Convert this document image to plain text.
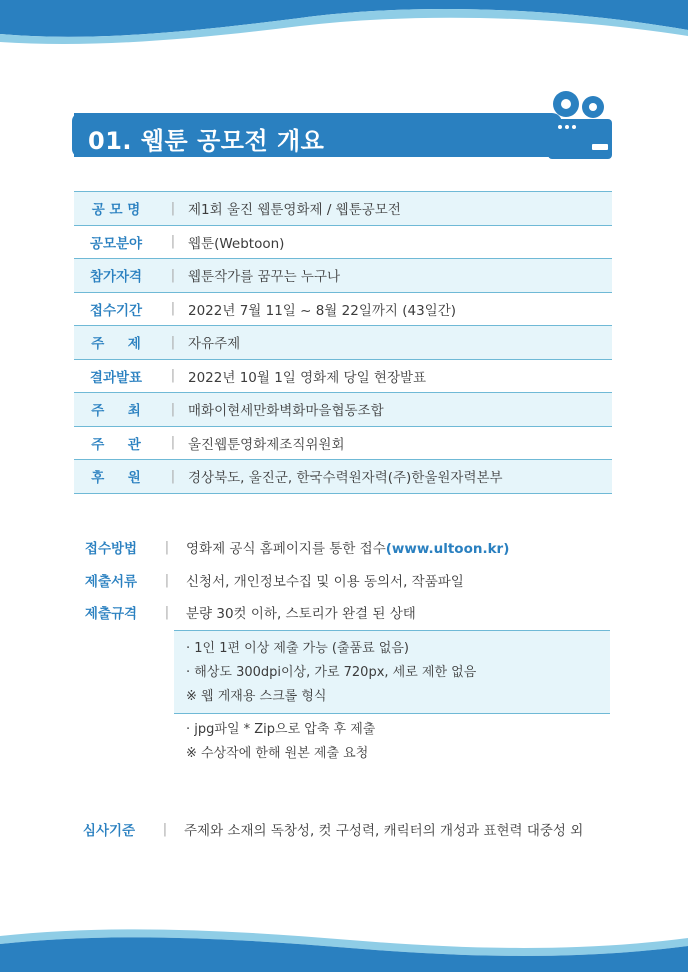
01. 웹툰 공모전 개요
공 모 명	| 제1회 울진 웹툰영화제 / 웹툰공모전
공모분야	| 웹툰(Webtoon)
참가자격	| 웹툰작가를 꿈꾸는 누구나
접수기간	| 2022년 7월 11일 ~ 8월 22일까지 (43일간)
주     제	| 자유주제
결과발표	| 2022년 10월 1일 영화제 당일 현장발표
주     최	| 매화이현세만화벽화마을협동조합
주     관	| 울진웹툰영화제조직위원회
후     원	| 경상북도, 울진군, 한국수력원자력(주)한울원자력본부
접수방법	|	영화제 공식 홈페이지를 통한 접수(www.ultoon.kr)
제출서류	|	신청서, 개인정보수집 및 이용 동의서, 작품파일
제출규격	|	분량 30컷 이하, 스토리가 완결 된 상태
· 1인 1편 이상 제출 가능 (출품료 없음)
· 해상도 300dpi이상, 가로 720px, 세로 제한 없음
※ 웹 게재용 스크롤 형식
· jpg파일 * Zip으로 압축 후 제출
※ 수상작에 한해 원본 제출 요청
심사기준	|	주제와 소재의 독창성, 컷 구성력, 캐릭터의 개성과 표현력 대중성 외
